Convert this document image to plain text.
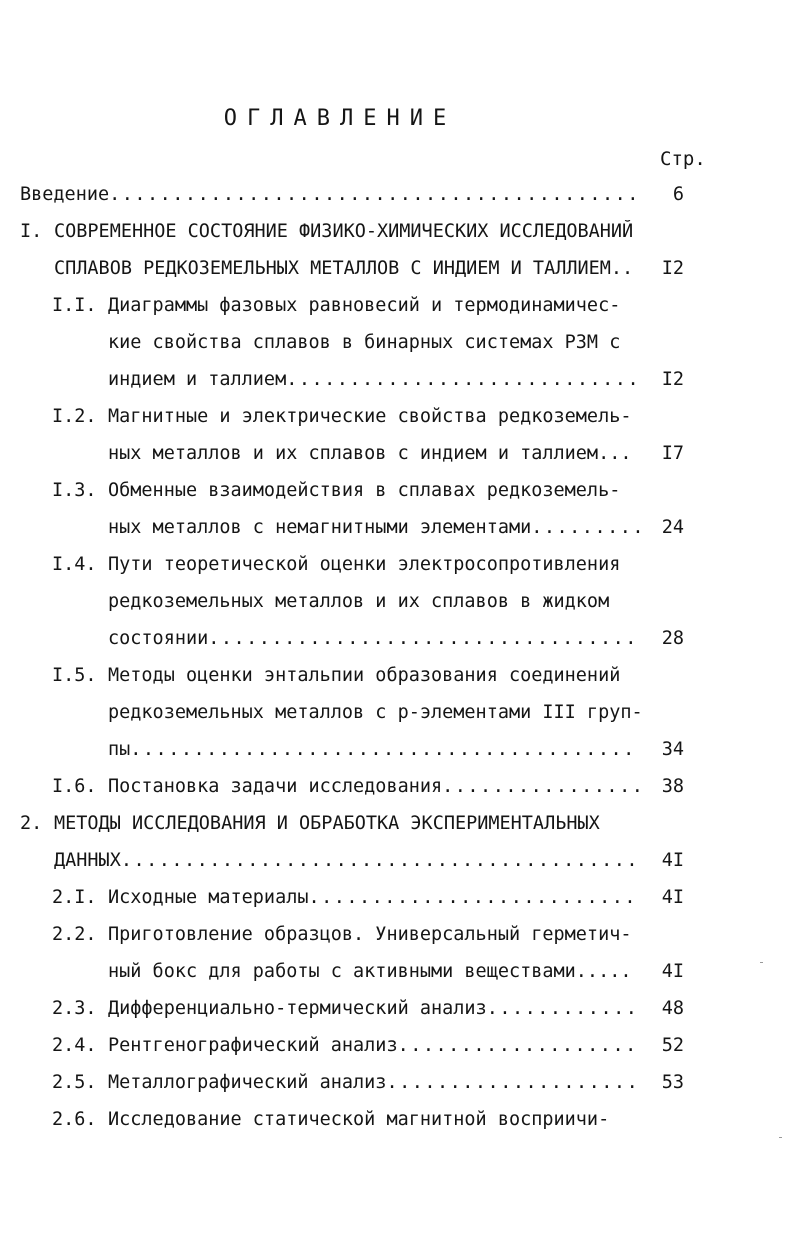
ОГЛАВЛЕНИЕ
Стр.
Введение .....	6
I. СОВРЕМЕННОЕ СОСТОЯНИЕ ФИЗИКО-ХИМИЧЕСКИХ ИССЛЕДОВАНИЙ
СПЛАВОВ РЕДКОЗЕМЕЛЬНЫХ МЕТАЛЛОВ С ИНДИЕМ И ТАЛЛИЕМ..	I2
I.I. Диаграммы фазовых равновесий и термодинамичес-
кие свойства сплавов в бинарных системах РЗМ с
индием и таллием .....	I2
I.2. Магнитные и электрические свойства редкоземель-
ных металлов и их сплавов с индием и таллием...	I7
I.3. Обменные взаимодействия в сплавах редкоземель-
ных металлов с немагнитными элементами .....	24
I.4. Пути теоретической оценки электросопротивления
редкоземельных металлов и их сплавов в жидком
состоянии .....	28
I.5. Методы оценки энтальпии образования соединений
редкоземельных металлов с р-элементами III груп-
пы .....	34
I.6. Постановка задачи исследования .....	38
2. МЕТОДЫ ИССЛЕДОВАНИЯ И ОБРАБОТКА ЭКСПЕРИМЕНТАЛЬНЫХ
ДАННЫХ .....	4I
2.I. Исходные материалы .....	4I
2.2. Приготовление образцов. Универсальный герметич-
ный бокс для работы с активными веществами.....	4I
2.3. Дифференциально-термический анализ .....	48
2.4. Рентгенографический анализ .....	52
2.5. Металлографический анализ .....	53
2.6. Исследование статической магнитной восприичи-
